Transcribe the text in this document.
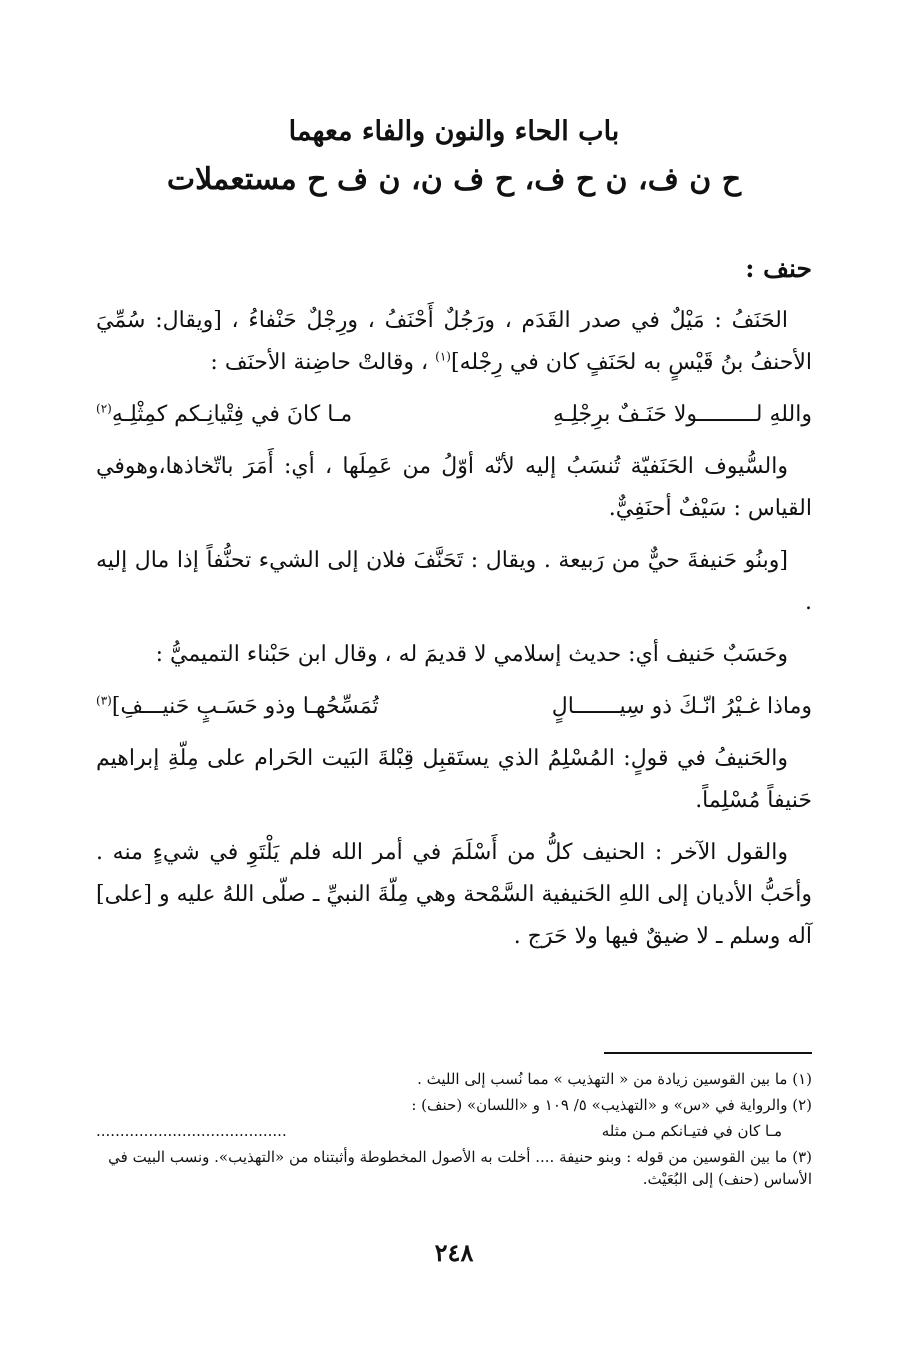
باب الحاء والنون والفاء معهما
ح ن ف، ن ح ف، ح ف ن، ن ف ح مستعملات
حنف :

الحَنَفُ : مَيْلٌ في صدر القَدَم ، ورَجُلٌ أَحْنَفُ ، ورِجْلٌ حَنْفاءُ ، [ويقال: سُمِّيَ الأحنفُ بنُ قَيْسٍ به لحَنَفٍ كان في رِجْله]$^{(١)}$ ، وقالتْ حاضِنة الأحنَف :

واللهِ لـــــــــولا حَنَـفٌ برِجْلِـهِ
مـا كانَ في فِتْيانِـكم كمِثْلِـهِ$^{(٢)}$

والسُّيوف الحَنَفيّة تُنسَبُ إليه لأنّه أوّلُ من عَمِلَها ، أي: أَمَرَ باتّخاذها،وهوفي القياس : سَيْفٌ أحنَفِيٌّ.

[وبنُو حَنيفةَ حيٌّ من رَبيعة . ويقال : تَحَنَّفَ فلان إلى الشيء تحنُّفاً إذا مال إليه .

وحَسَبٌ حَنيف أي: حديث إسلامي لا قديمَ له ، وقال ابن حَبْناء التميميُّ :

وماذا غـيْرُ انّـكَ ذو سِيـــــــالٍ
تُمَسِّحُهـا وذو حَسَـبٍ حَنيـــفِ]$^{(٣)}$

والحَنيفُ في قولٍ: المُسْلِمُ الذي يستَقبِل قِبْلةَ البَيت الحَرام على مِلّةِ إبراهيم حَنيفاً مُسْلِماً.

والقول الآخر : الحنيف كلُّ من أَسْلَمَ في أمر الله فلم يَلْتَوِ في شيءٍ منه . وأحَبُّ الأديان إلى اللهِ الحَنيفية السَّمْحة وهي مِلّةَ النبيِّ ـ صلّى اللهُ عليه و [على] آله وسلم ـ لا ضيقٌ فيها ولا حَرَج .

(١) ما بين القوسين زيادة من « التهذيب » مما نُسب إلى الليث .

(٢) والرواية في «س» و «التهذيب» ٥/ ١٠٩ و «اللسان» (حنف) :

مـا كان في فتيـانكم مـن مثله
........................................

(٣) ما بين القوسين من قوله : وبنو حنيفة .... أخلت به الأصول المخطوطة وأثبتناه من «التهذيب». ونسب البيت في الأساس (حنف) إلى البُعَيْث.

٢٤٨
